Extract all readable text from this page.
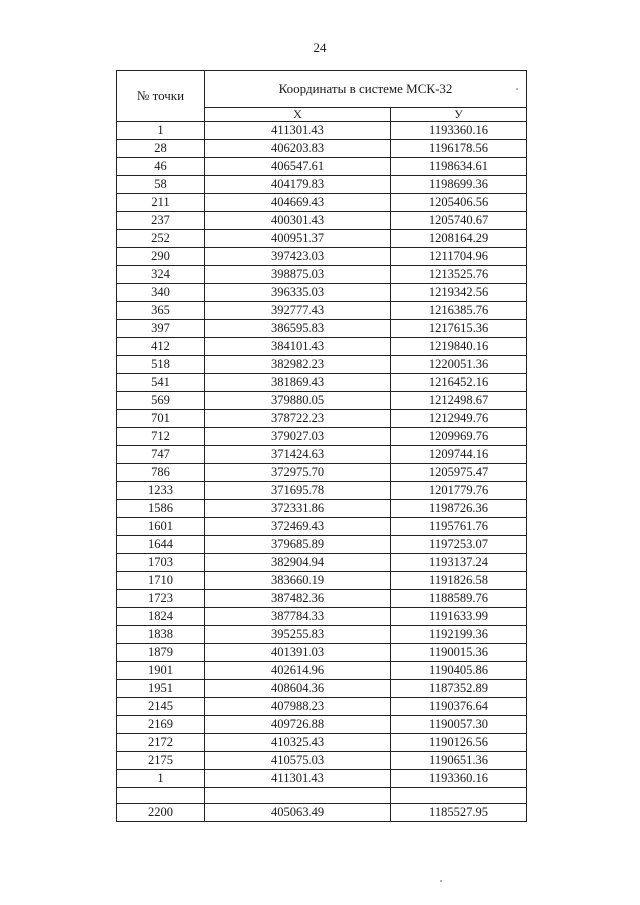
24
№ точки	Координаты в системе МСК-32	
	X	У
1	411301.43	1193360.16
28	406203.83	1196178.56
46	406547.61	1198634.61
58	404179.83	1198699.36
211	404669.43	1205406.56
237	400301.43	1205740.67
252	400951.37	1208164.29
290	397423.03	1211704.96
324	398875.03	1213525.76
340	396335.03	1219342.56
365	392777.43	1216385.76
397	386595.83	1217615.36
412	384101.43	1219840.16
518	382982.23	1220051.36
541	381869.43	1216452.16
569	379880.05	1212498.67
701	378722.23	1212949.76
712	379027.03	1209969.76
747	371424.63	1209744.16
786	372975.70	1205975.47
1233	371695.78	1201779.76
1586	372331.86	1198726.36
1601	372469.43	1195761.76
1644	379685.89	1197253.07
1703	382904.94	1193137.24
1710	383660.19	1191826.58
1723	387482.36	1188589.76
1824	387784.33	1191633.99
1838	395255.83	1192199.36
1879	401391.03	1190015.36
1901	402614.96	1190405.86
1951	408604.36	1187352.89
2145	407988.23	1190376.64
2169	409726.88	1190057.30
2172	410325.43	1190126.56
2175	410575.03	1190651.36
1	411301.43	1193360.16

2200	405063.49	1185527.95
